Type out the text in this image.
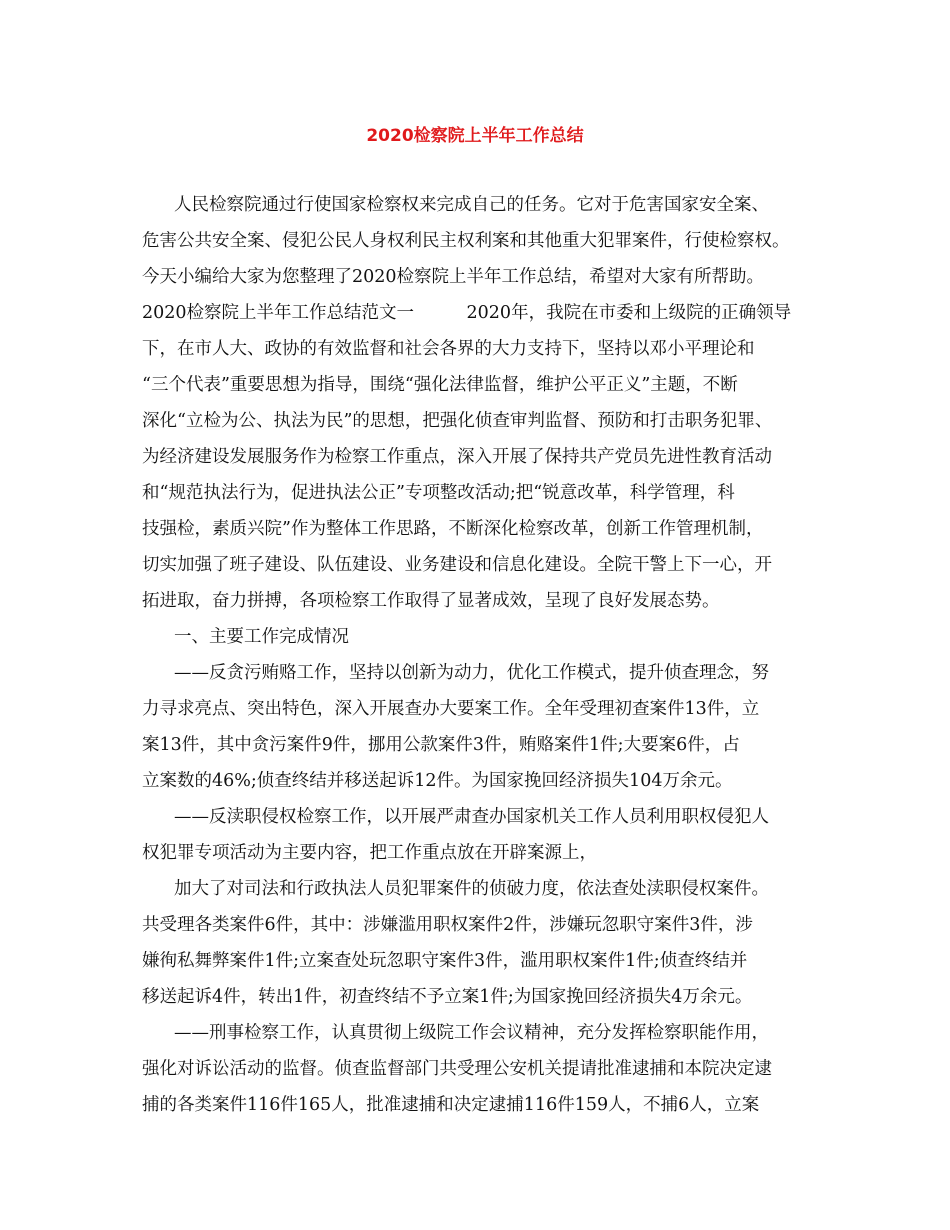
2020检察院上半年工作总结
人民检察院通过行使国家检察权来完成自己的任务。它对于危害国家安全案、
危害公共安全案、侵犯公民人身权利民主权利案和其他重大犯罪案件，行使检察权。
今天小编给大家为您整理了2020检察院上半年工作总结，希望对大家有所帮助。
2020检察院上半年工作总结范文一　　　2020年，我院在市委和上级院的正确领导
下，在市人大、政协的有效监督和社会各界的大力支持下，坚持以邓小平理论和
“三个代表”重要思想为指导，围绕“强化法律监督，维护公平正义”主题，不断
深化“立检为公、执法为民”的思想，把强化侦查审判监督、预防和打击职务犯罪、
为经济建设发展服务作为检察工作重点，深入开展了保持共产党员先进性教育活动
和“规范执法行为，促进执法公正”专项整改活动;把“锐意改革，科学管理，科
技强检，素质兴院”作为整体工作思路，不断深化检察改革，创新工作管理机制，
切实加强了班子建设、队伍建设、业务建设和信息化建设。全院干警上下一心，开
拓进取，奋力拼搏，各项检察工作取得了显著成效，呈现了良好发展态势。
一、主要工作完成情况
——反贪污贿赂工作，坚持以创新为动力，优化工作模式，提升侦查理念，努
力寻求亮点、突出特色，深入开展查办大要案工作。全年受理初查案件13件，立
案13件，其中贪污案件9件，挪用公款案件3件，贿赂案件1件;大要案6件，占
立案数的46%;侦查终结并移送起诉12件。为国家挽回经济损失104万余元。
——反渎职侵权检察工作，以开展严肃查办国家机关工作人员利用职权侵犯人
权犯罪专项活动为主要内容，把工作重点放在开辟案源上，
加大了对司法和行政执法人员犯罪案件的侦破力度，依法查处渎职侵权案件。
共受理各类案件6件，其中：涉嫌滥用职权案件2件，涉嫌玩忽职守案件3件，涉
嫌徇私舞弊案件1件;立案查处玩忽职守案件3件，滥用职权案件1件;侦查终结并
移送起诉4件，转出1件，初查终结不予立案1件;为国家挽回经济损失4万余元。
——刑事检察工作，认真贯彻上级院工作会议精神，充分发挥检察职能作用，
强化对诉讼活动的监督。侦查监督部门共受理公安机关提请批准逮捕和本院决定逮
捕的各类案件116件165人，批准逮捕和决定逮捕116件159人，不捕6人，立案
